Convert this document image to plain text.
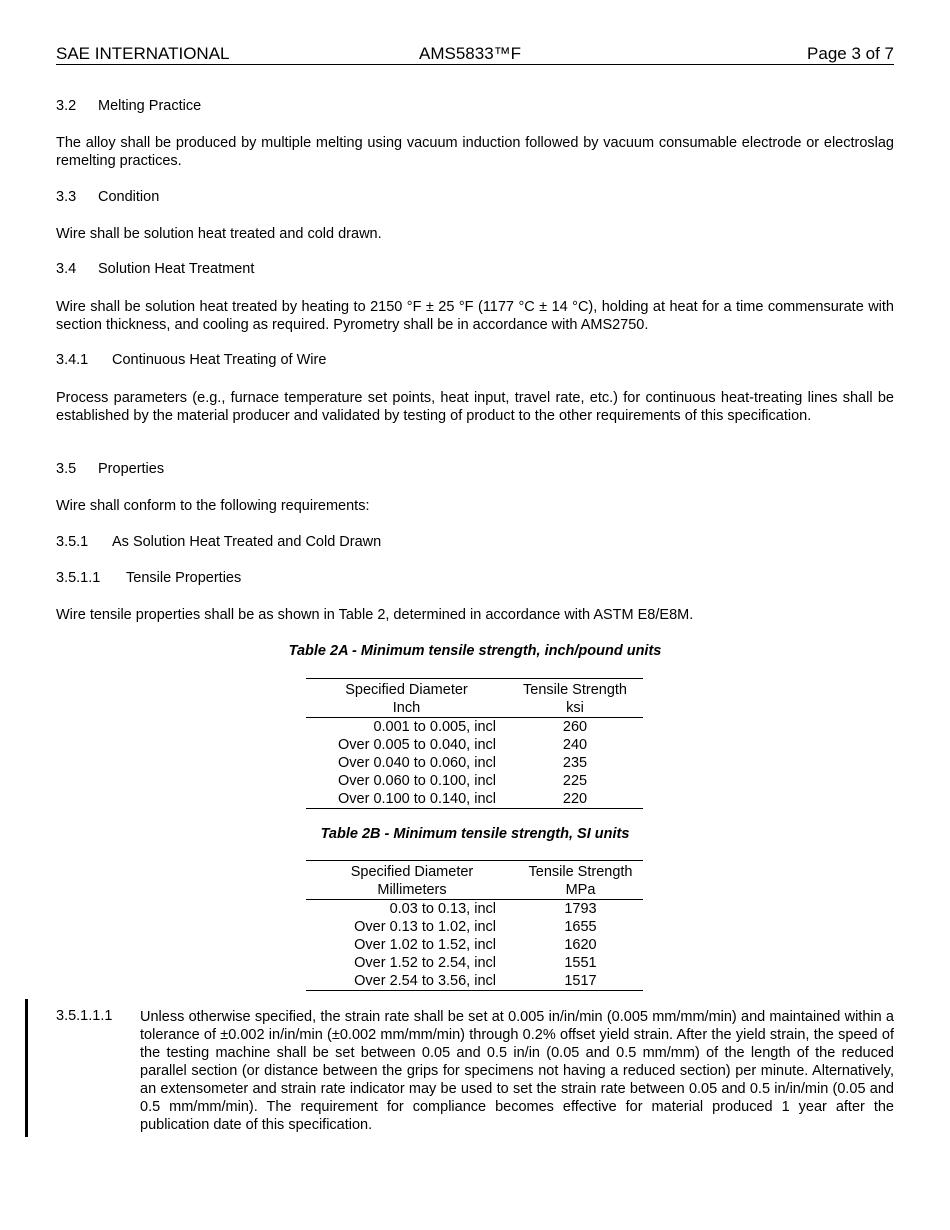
SAE INTERNATIONAL	AMS5833™F	Page 3 of 7
3.2 Melting Practice
The alloy shall be produced by multiple melting using vacuum induction followed by vacuum consumable electrode or electroslag remelting practices.
3.3 Condition
Wire shall be solution heat treated and cold drawn.
3.4 Solution Heat Treatment
Wire shall be solution heat treated by heating to 2150 °F ± 25 °F (1177 °C ± 14 °C), holding at heat for a time commensurate with section thickness, and cooling as required. Pyrometry shall be in accordance with AMS2750.
3.4.1 Continuous Heat Treating of Wire
Process parameters (e.g., furnace temperature set points, heat input, travel rate, etc.) for continuous heat-treating lines shall be established by the material producer and validated by testing of product to the other requirements of this specification.
3.5 Properties
Wire shall conform to the following requirements:
3.5.1 As Solution Heat Treated and Cold Drawn
3.5.1.1 Tensile Properties
Wire tensile properties shall be as shown in Table 2, determined in accordance with ASTM E8/E8M.
Table 2A - Minimum tensile strength, inch/pound units
Specified Diameter	Tensile Strength
Inch	ksi
0.001 to 0.005, incl	260
Over 0.005 to 0.040, incl	240
Over 0.040 to 0.060, incl	235
Over 0.060 to 0.100, incl	225
Over 0.100 to 0.140, incl	220
Table 2B - Minimum tensile strength, SI units
Specified Diameter	Tensile Strength
Millimeters	MPa
0.03 to 0.13, incl	1793
Over 0.13 to 1.02, incl	1655
Over 1.02 to 1.52, incl	1620
Over 1.52 to 2.54, incl	1551
Over 2.54 to 3.56, incl	1517
3.5.1.1.1 Unless otherwise specified, the strain rate shall be set at 0.005 in/in/min (0.005 mm/mm/min) and maintained within a tolerance of ±0.002 in/in/min (±0.002 mm/mm/min) through 0.2% offset yield strain. After the yield strain, the speed of the testing machine shall be set between 0.05 and 0.5 in/in (0.05 and 0.5 mm/mm) of the length of the reduced parallel section (or distance between the grips for specimens not having a reduced section) per minute. Alternatively, an extensometer and strain rate indicator may be used to set the strain rate between 0.05 and 0.5 in/in/min (0.05 and 0.5 mm/mm/min). The requirement for compliance becomes effective for material produced 1 year after the publication date of this specification.
